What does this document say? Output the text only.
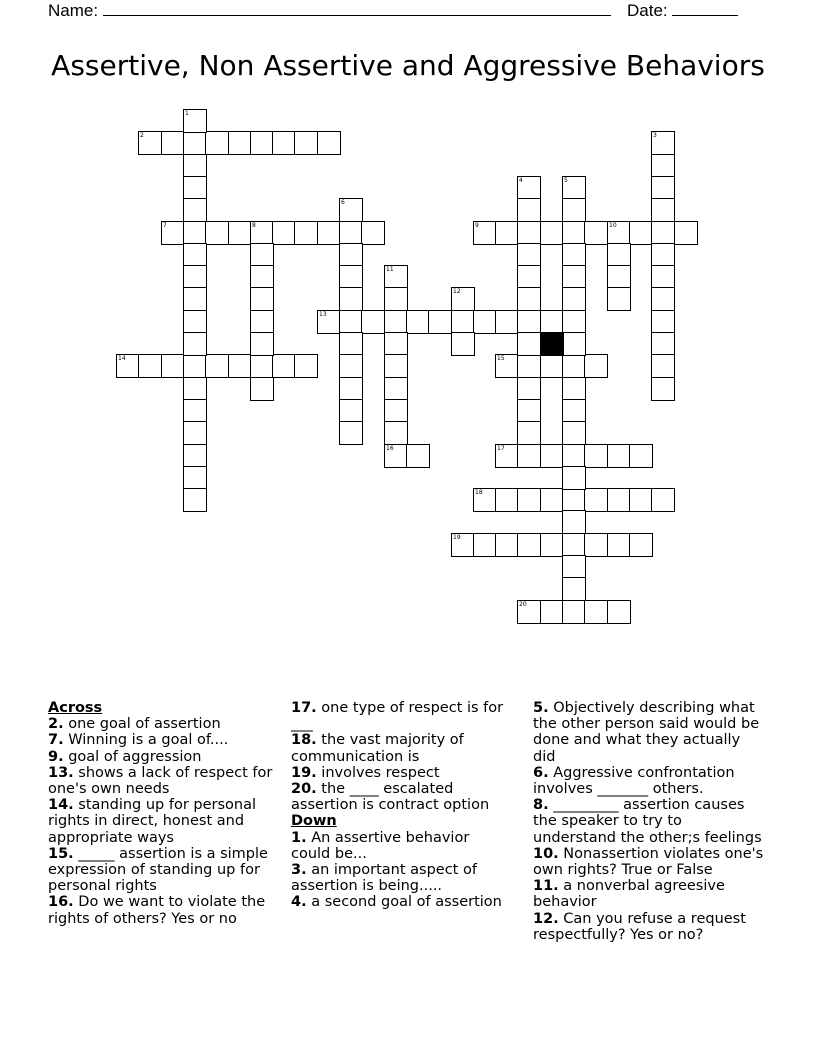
Name:	Date:
Assertive, Non Assertive and Aggressive Behaviors
2
7	8	9	10
13
14	15
16	17
18
19
20
1
3
4	5
6
11
12
Across
2. one goal of assertion
7. Winning is a goal of....
9. goal of aggression
13. shows a lack of respect for one's own needs
14. standing up for personal rights in direct, honest and appropriate ways
15. _____ assertion is a simple expression of standing up for personal rights
16. Do we want to violate the rights of others? Yes or no
17. one type of respect is for ___
18. the vast majority of communication is
19. involves respect
20. the ____ escalated assertion is contract option
Down
1. An assertive behavior could be...
3. an important aspect of assertion is being.....
4. a second goal of assertion
5. Objectively describing what the other person said would be done and what they actually did
6. Aggressive confrontation involves _______ others.
8. _________ assertion causes the speaker to try to understand the other;s feelings
10. Nonassertion violates one's own rights? True or False
11. a nonverbal agreesive behavior
12. Can you refuse a request respectfully? Yes or no?
